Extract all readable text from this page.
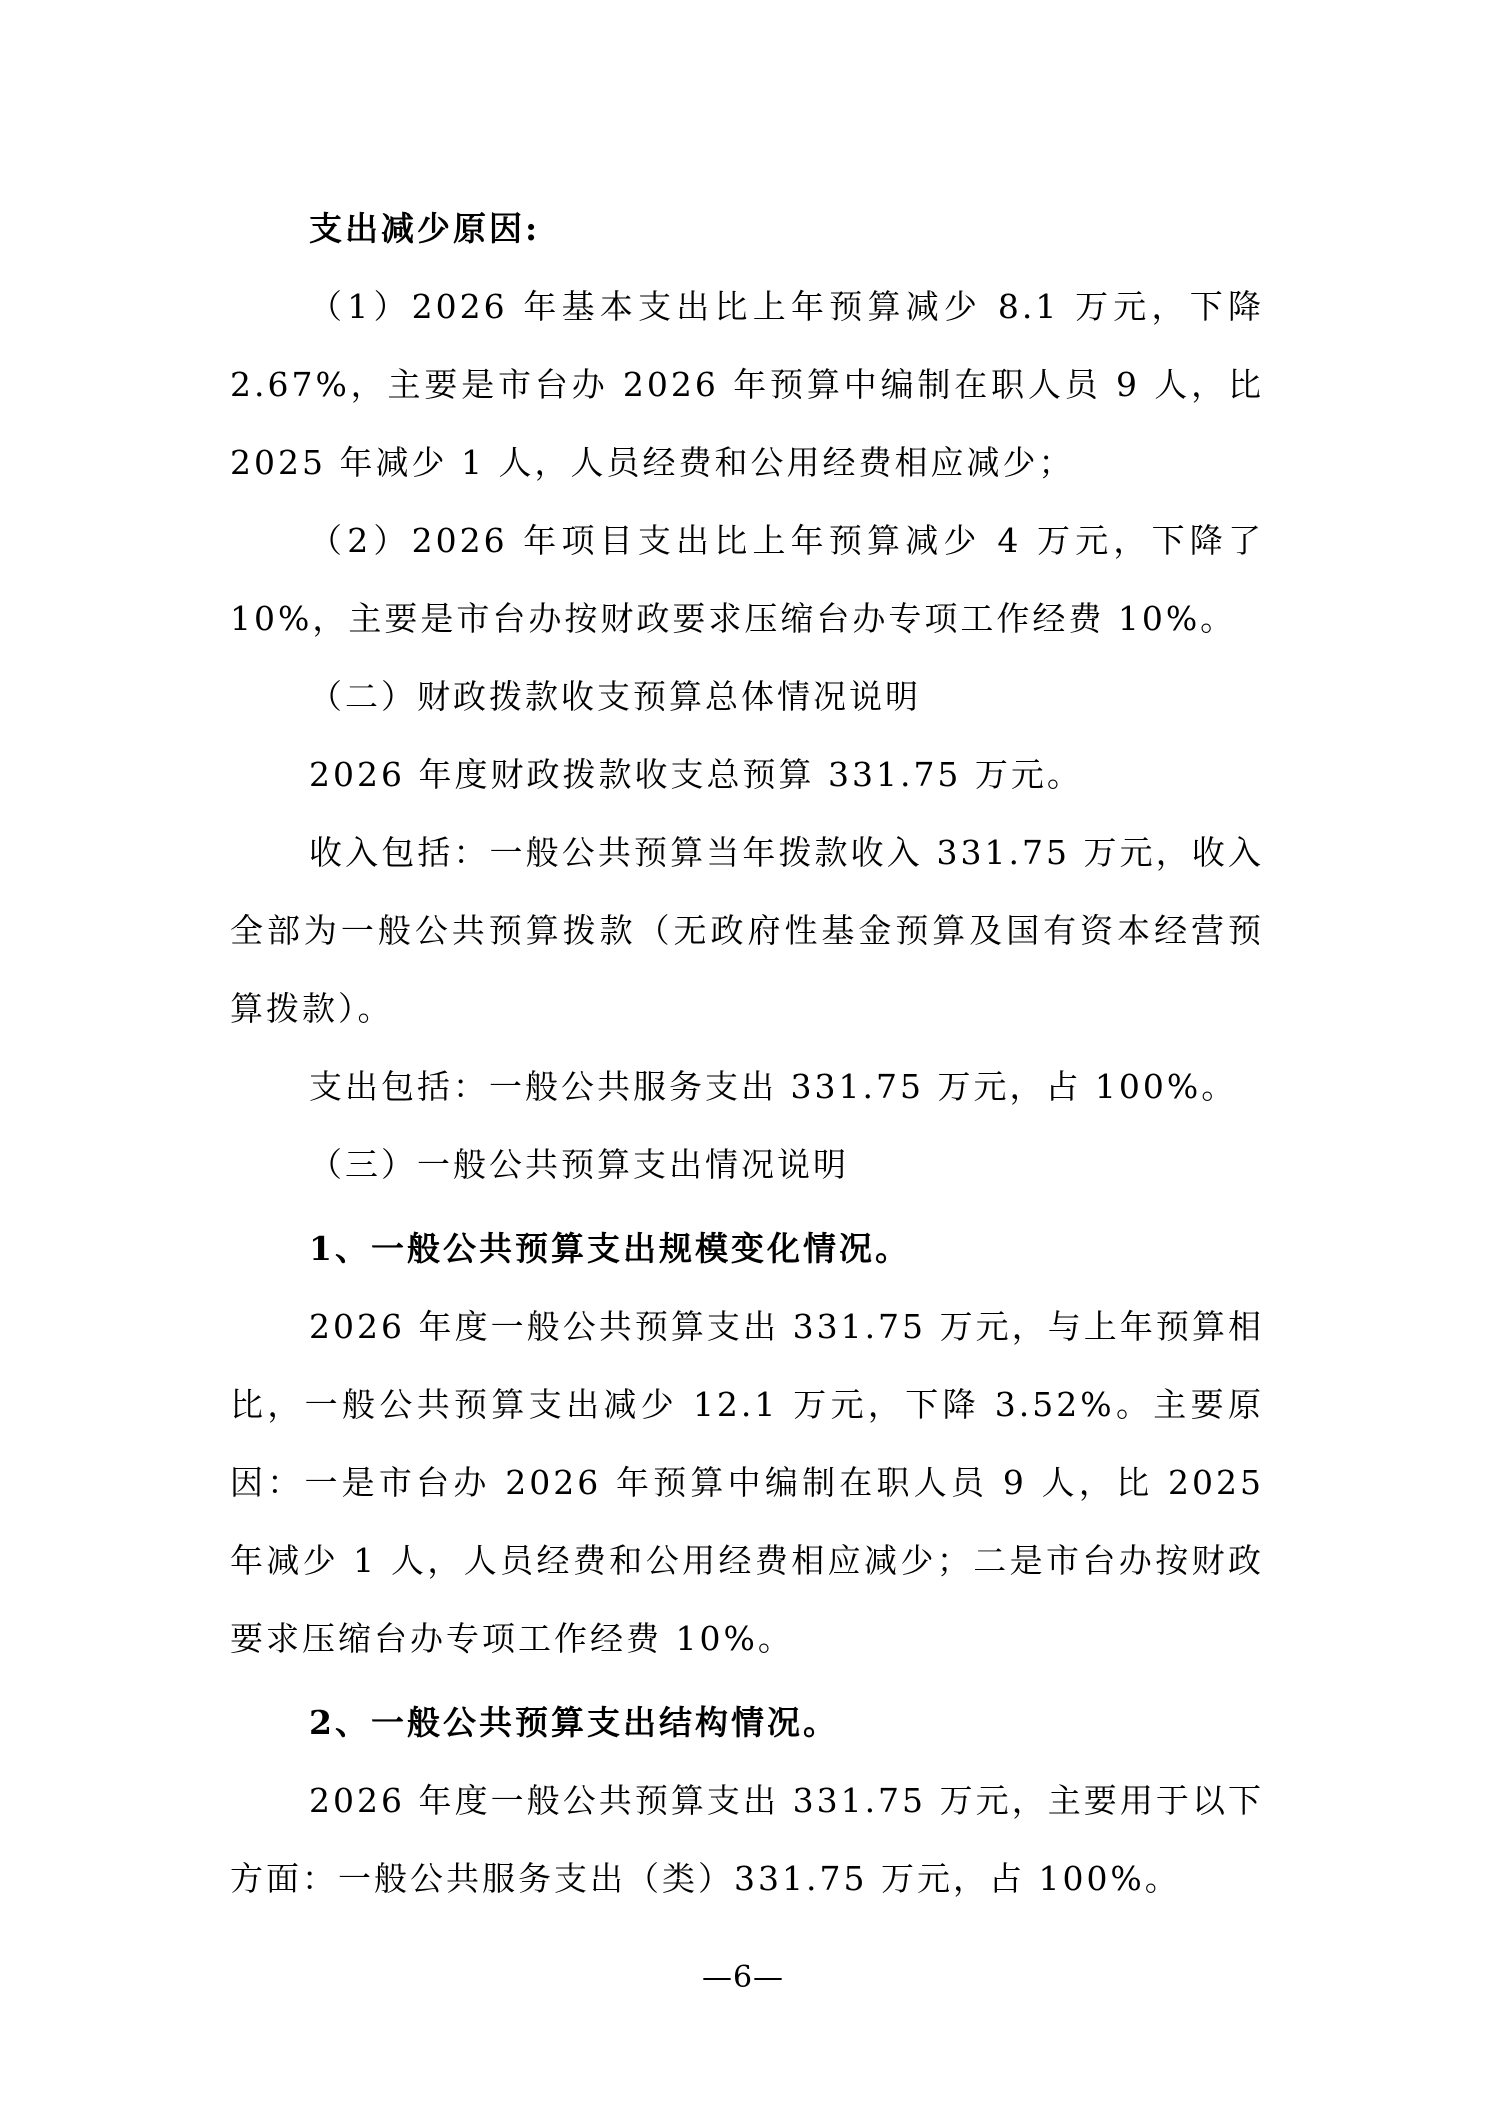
支出减少原因:

（1）2026 年基本支出比上年预算减少 8.1 万元，下降 2.67%，主要是市台办 2026 年预算中编制在职人员 9 人，比 2025 年减少 1 人，人员经费和公用经费相应减少；

（2）2026 年项目支出比上年预算减少 4 万元，下降了 10%，主要是市台办按财政要求压缩台办专项工作经费 10%。

（二）财政拨款收支预算总体情况说明

2026 年度财政拨款收支总预算 331.75 万元。

收入包括：一般公共预算当年拨款收入 331.75 万元，收入全部为一般公共预算拨款（无政府性基金预算及国有资本经营预算拨款）。

支出包括：一般公共服务支出 331.75 万元，占 100%。

（三）一般公共预算支出情况说明

1、一般公共预算支出规模变化情况。

2026 年度一般公共预算支出 331.75 万元，与上年预算相比，一般公共预算支出减少 12.1 万元，下降 3.52%。主要原因：一是市台办 2026 年预算中编制在职人员 9 人，比 2025 年减少 1 人，人员经费和公用经费相应减少；二是市台办按财政要求压缩台办专项工作经费 10%。

2、一般公共预算支出结构情况。

2026 年度一般公共预算支出 331.75 万元，主要用于以下方面：一般公共服务支出（类）331.75 万元，占 100%。

—6—
